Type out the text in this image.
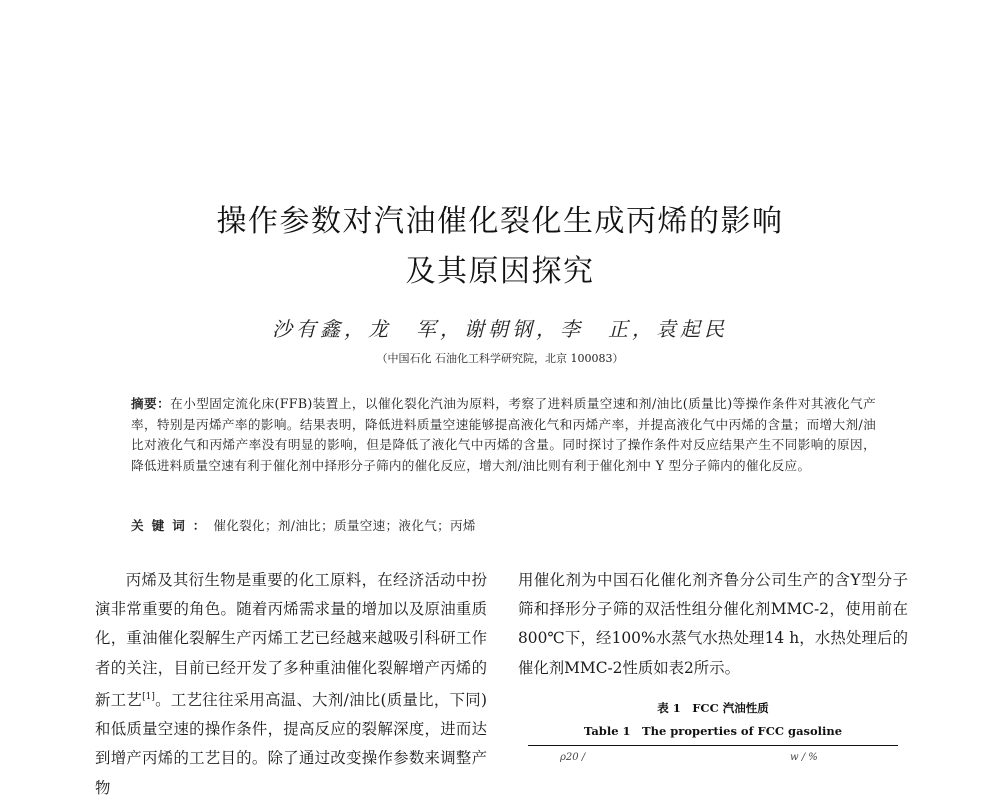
操作参数对汽油催化裂化生成丙烯的影响
及其原因探究
沙有鑫，龙　军，谢朝钢，李　正，袁起民
（中国石化 石油化工科学研究院，北京 100083）
摘要：在小型固定流化床(FFB)装置上，以催化裂化汽油为原料，考察了进料质量空速和剂/油比(质量比)等操作条件对其液化气产率，特别是丙烯产率的影响。结果表明，降低进料质量空速能够提高液化气和丙烯产率，并提高液化气中丙烯的含量；而增大剂/油比对液化气和丙烯产率没有明显的影响，但是降低了液化气中丙烯的含量。同时探讨了操作条件对反应结果产生不同影响的原因，降低进料质量空速有利于催化剂中择形分子筛内的催化反应，增大剂/油比则有利于催化剂中 Y 型分子筛内的催化反应。
关键词：催化裂化；剂/油比；质量空速；液化气；丙烯
丙烯及其衍生物是重要的化工原料，在经济活动中扮演非常重要的角色。随着丙烯需求量的增加以及原油重质化，重油催化裂解生产丙烯工艺已经越来越吸引科研工作者的关注，目前已经开发了多种重油催化裂解增产丙烯的新工艺[1]。工艺往往采用高温、大剂/油比(质量比，下同)和低质量空速的操作条件，提高反应的裂解深度，进而达到增产丙烯的工艺目的。除了通过改变操作参数来调整产物
用催化剂为中国石化催化剂齐鲁分公司生产的含Y型分子筛和择形分子筛的双活性组分催化剂MMC-2，使用前在800℃下，经100%水蒸气水热处理14 h，水热处理后的催化剂MMC-2性质如表2所示。
表 1　FCC 汽油性质
Table 1　The properties of FCC gasoline
ρ20 /	w / %
